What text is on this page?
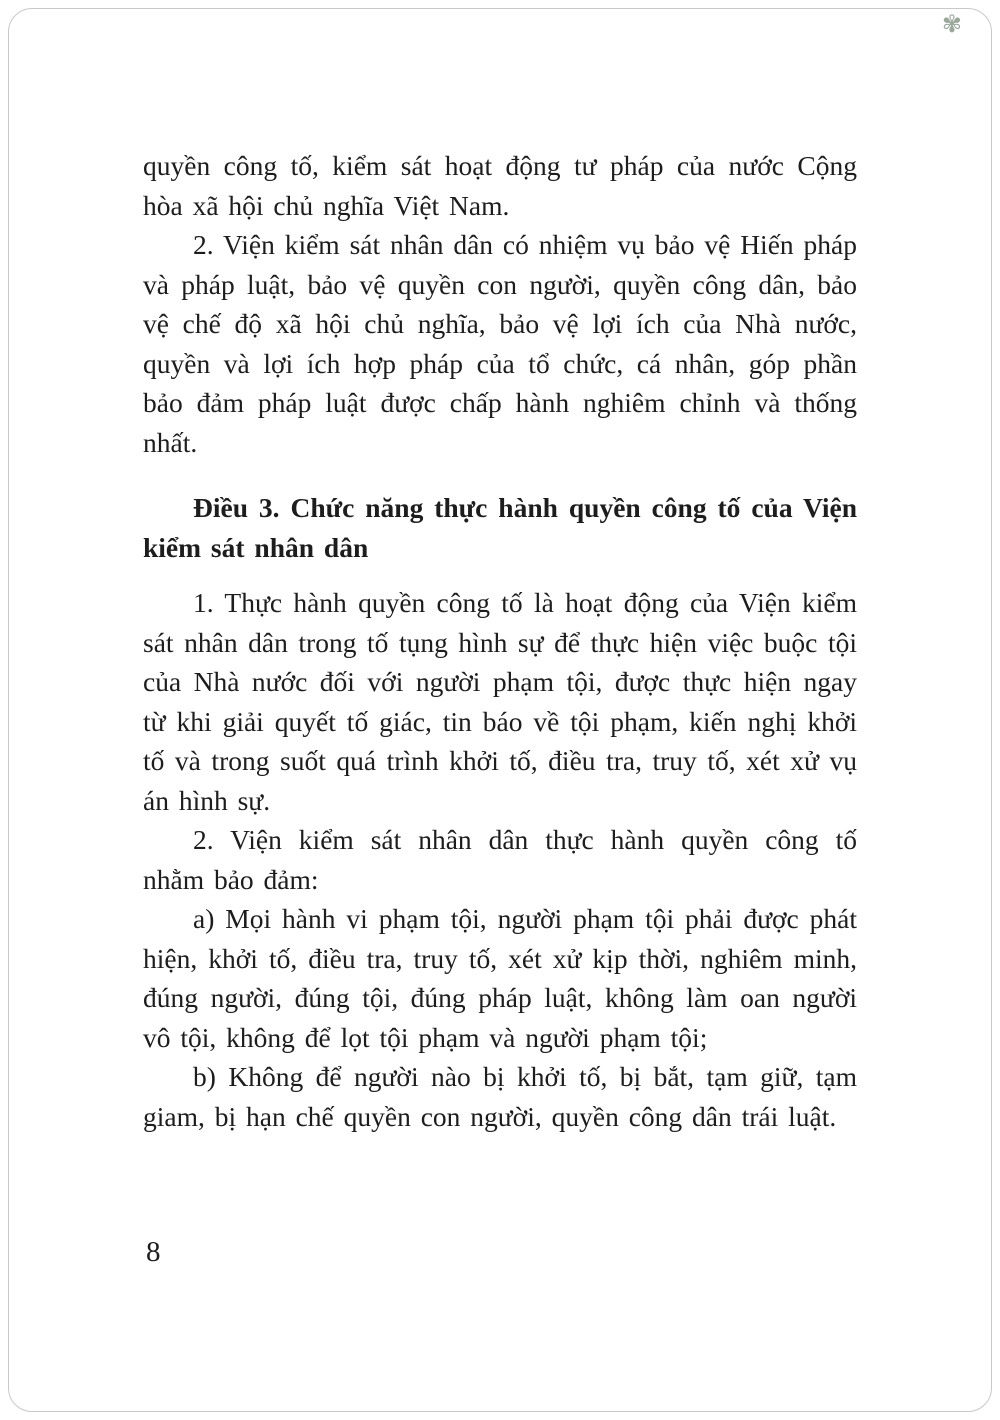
✾

quyền công tố, kiểm sát hoạt động tư pháp của nước Cộng hòa xã hội chủ nghĩa Việt Nam.

2. Viện kiểm sát nhân dân có nhiệm vụ bảo vệ Hiến pháp và pháp luật, bảo vệ quyền con người, quyền công dân, bảo vệ chế độ xã hội chủ nghĩa, bảo vệ lợi ích của Nhà nước, quyền và lợi ích hợp pháp của tổ chức, cá nhân, góp phần bảo đảm pháp luật được chấp hành nghiêm chỉnh và thống nhất.

Điều 3. Chức năng thực hành quyền công tố của Viện kiểm sát nhân dân

1. Thực hành quyền công tố là hoạt động của Viện kiểm sát nhân dân trong tố tụng hình sự để thực hiện việc buộc tội của Nhà nước đối với người phạm tội, được thực hiện ngay từ khi giải quyết tố giác, tin báo về tội phạm, kiến nghị khởi tố và trong suốt quá trình khởi tố, điều tra, truy tố, xét xử vụ án hình sự.

2. Viện kiểm sát nhân dân thực hành quyền công tố nhằm bảo đảm:

a) Mọi hành vi phạm tội, người phạm tội phải được phát hiện, khởi tố, điều tra, truy tố, xét xử kịp thời, nghiêm minh, đúng người, đúng tội, đúng pháp luật, không làm oan người vô tội, không để lọt tội phạm và người phạm tội;

b) Không để người nào bị khởi tố, bị bắt, tạm giữ, tạm giam, bị hạn chế quyền con người, quyền công dân trái luật.

8
